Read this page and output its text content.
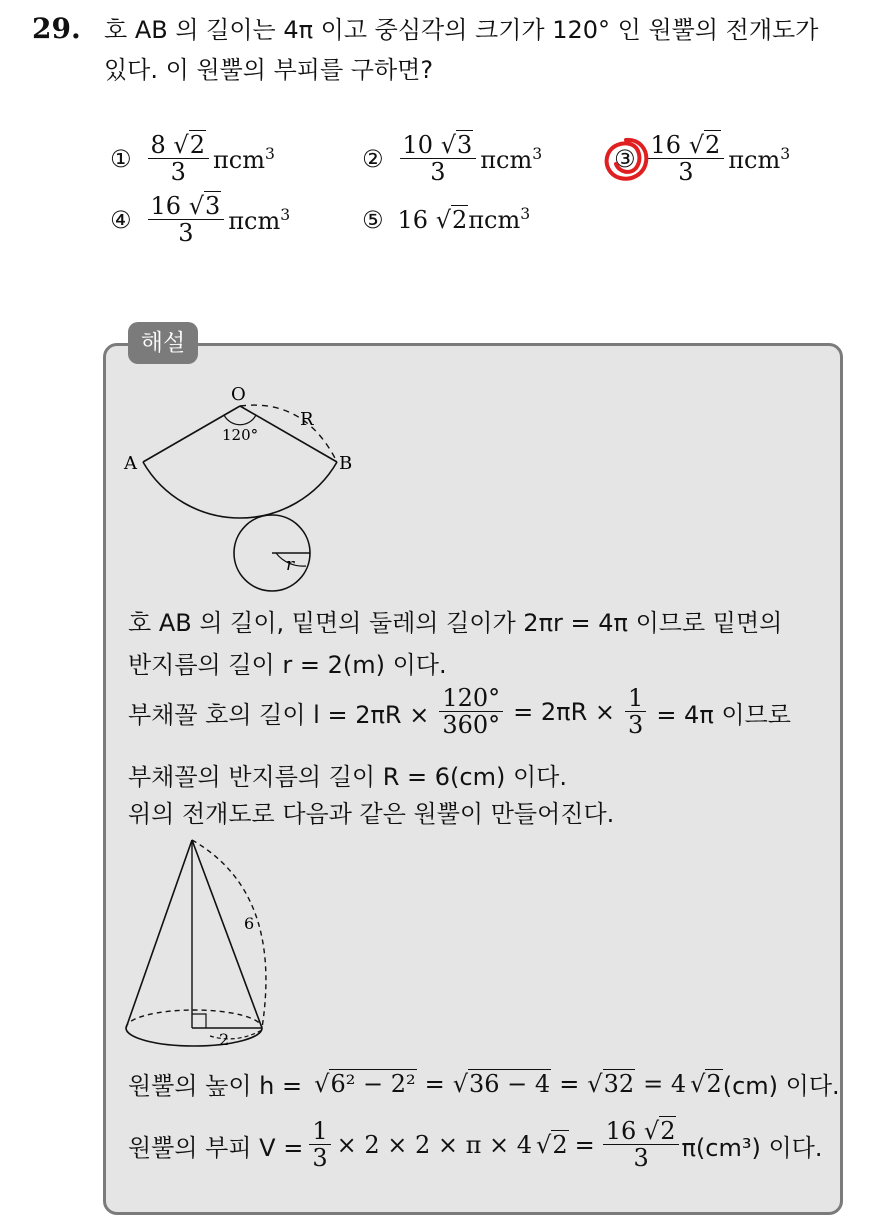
29. 호 AB 의 길이는 4π 이고 중심각의 크기가 120° 인 원뿔의 전개도가
있다. 이 원뿔의 부피를 구하면?
① $\frac{8 √2}{3} \pi cm^3$	② $\frac{10 √3}{3} \pi cm^3$	③ $\frac{16 √2}{3} \pi cm^3$
④ $\frac{16 √3}{3} \pi cm^3$	⑤ 16 √2πcm$^3$
해설
O
A	B
R
120°
r
호 AB 의 길이, 밑면의 둘레의 길이가 2πr = 4π 이므로 밑면의
반지름의 길이 r = 2(m) 이다.
부채꼴 호의 길이 $l = 2\pi R \times \frac{120^\circ}{360^\circ} = 2\pi R \times \frac{1}{3} = 4\pi$ 이므로
부채꼴의 반지름의 길이 R = 6(cm) 이다.
위의 전개도로 다음과 같은 원뿔이 만들어진다.
6
2
원뿔의 높이 h = √6² − 2² = √36 − 4 = √32 = 4 √2 (cm) 이다.
원뿔의 부피 $V = \frac{1}{3} \times 2 \times 2 \times \pi \times 4$ $√2 = \frac{16 √2}{3} \pi(cm^3)$ 이다.
